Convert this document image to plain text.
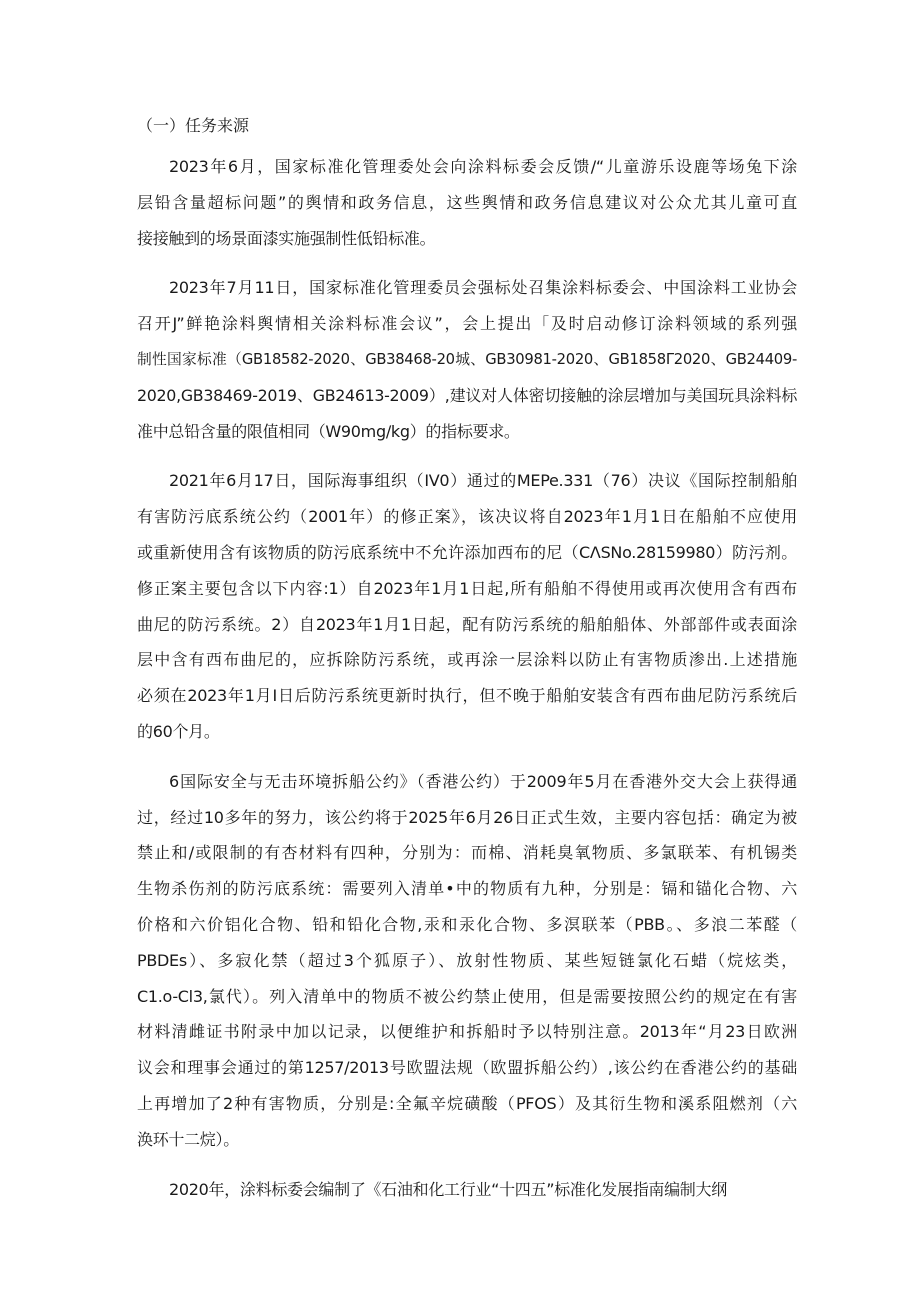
（一）任务来源
2023年6月，国家标准化管理委处会向涂料标委会反馈/“儿童游乐设鹿等场兔下涂
层铅含量超标问题”的舆情和政务信息，这些舆情和政务信息建议对公众尤其儿童可直
接接触到的场景面漆实施强制性低铅标准。
2023年7月11日，国家标准化管理委员会强标处召集涂料标委会、中国涂料工业协会
召开J”鲜艳涂料舆情相关涂料标准会议”，会上提出「及时启动修订涂料领域的系列强
制性国家标准（GB18582-2020、GB38468-20城、GB30981-2020、GB1858Γ2020、GB24409-
2020,GB38469-2019、GB24613-2009）,建议对人体密切接触的涂层增加与美国玩具涂料标
准中总铅含量的限值相同（W90mg∕kg）的指标要求。
2021年6月17日，国际海事组织（IV0）通过的MEPe.331（76）决议《国际控制船舶
有害防污底系统公约（2001年）的修正案》，该决议将自2023年1月1日在船舶不应使用
或重新使用含有该物质的防污底系统中不允许添加西布的尼（CΛSNo.28159980）防污剂。
修正案主要包含以下内容:1）自2023年1月1日起,所有船舶不得使用或再次使用含有西布
曲尼的防污系统。2）自2023年1月1日起，配有防污系统的船舶船体、外部部件或表面涂
层中含有西布曲尼的，应拆除防污系统，或再涂一层涂料以防止有害物质渗出.上述措施
必须在2023年1月I日后防污系统更新时执行，但不晚于船舶安装含有西布曲尼防污系统后
的60个月。
6国际安全与无击环境拆船公约》（香港公约）于2009年5月在香港外交大会上获得通
过，经过10多年的努力，该公约将于2025年6月26日正式生效，主要内容包括：确定为被
禁止和/或限制的有杏材料有四种，分别为：而棉、消耗臭氧物质、多氯联苯、有机锡类
生物杀伤剂的防污底系统：需要列入清单•中的物质有九种，分别是：镉和锚化合物、六
价格和六价铝化合物、铅和铅化合物,汞和汞化合物、多溟联苯（PBB。、多浪二苯醛（
PBDEs）、多寂化禁（超过3个狐原子）、放射性物质、某些短链氯化石蜡（烷炫类，
C1.o-Cl3,氯代）。列入清单中的物质不被公约禁止使用，但是需要按照公约的规定在有害
材料清雌证书附录中加以记录，以便维护和拆船时予以特别注意。2013年“月23日欧洲
议会和理事会通过的第1257/2013号欧盟法规（欧盟拆船公约）,该公约在香港公约的基础
上再增加了2种有害物质，分别是:全氟辛烷磺酸（PFOS）及其衍生物和溪系阻燃剂（六
涣环十二烷）。
2020年，涂料标委会编制了《石油和化工行业“十四五”标准化发展指南编制大纲
